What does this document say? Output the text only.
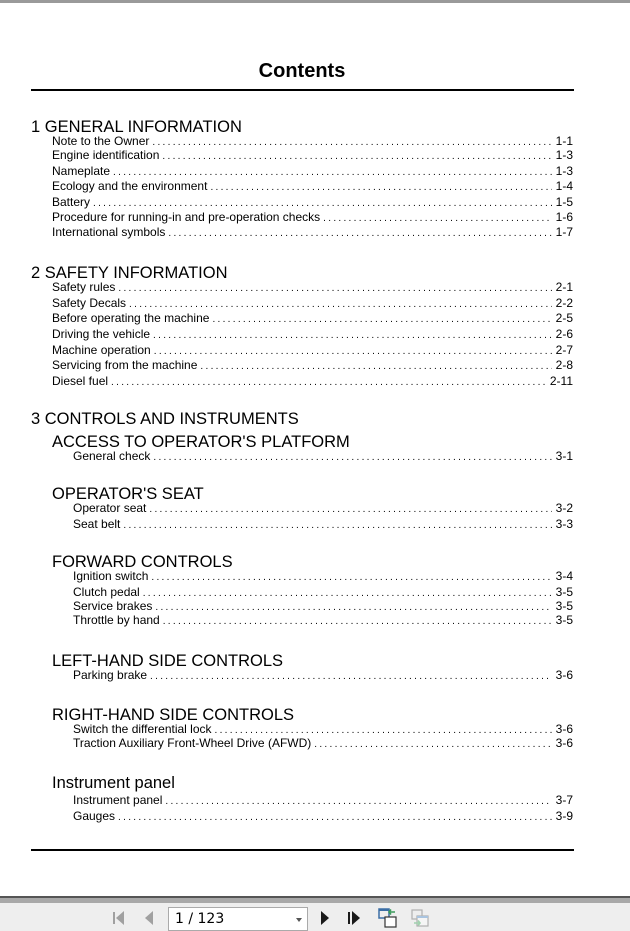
Contents
1 GENERAL INFORMATION
Note to the Owner .....	1-1
Engine identification .....	1-3
Nameplate .....	1-3
Ecology and the environment .....	1-4
Battery .....	1-5
Procedure for running-in and pre-operation checks .....	1-6
International symbols .....	1-7
2 SAFETY INFORMATION
Safety rules .....	2-1
Safety Decals .....	2-2
Before operating the machine .....	2-5
Driving the vehicle .....	2-6
Machine operation .....	2-7
Servicing from the machine .....	2-8
Diesel fuel .....	2-11
3 CONTROLS AND INSTRUMENTS
ACCESS TO OPERATOR'S PLATFORM
General check .....	3-1
OPERATOR'S SEAT
Operator seat .....	3-2
Seat belt .....	3-3
FORWARD CONTROLS
Ignition switch .....	3-4
Clutch pedal .....	3-5
Service brakes .....	3-5
Throttle by hand .....	3-5
LEFT-HAND SIDE CONTROLS
Parking brake .....	3-6
RIGHT-HAND SIDE CONTROLS
Switch the differential lock .....	3-6
Traction Auxiliary Front-Wheel Drive (AFWD) .....	3-6
Instrument panel
Instrument panel .....	3-7
Gauges .....	3-9
1 / 123
